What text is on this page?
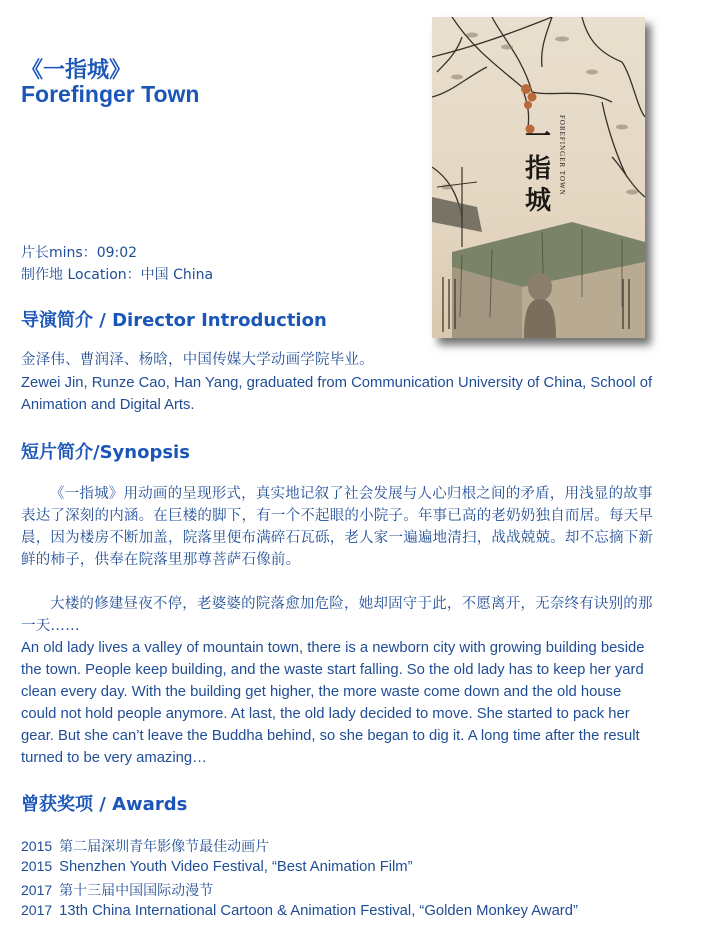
《一指城》
Forefinger Town
片长mins：09:02
制作地 Location：中国 China
一
指
城
FOREFINGER TOWN
导演简介 / Director Introduction
金泽伟、曹润泽、杨晗，中国传媒大学动画学院毕业。
Zewei Jin, Runze Cao, Han Yang, graduated from Communication University of China, School of Animation and Digital Arts.
短片简介/Synopsis
《一指城》用动画的呈现形式，真实地记叙了社会发展与人心归根之间的矛盾，用浅显的故事
表达了深刻的内涵。在巨楼的脚下，有一个不起眼的小院子。年事已高的老奶奶独自而居。每天早
晨，因为楼房不断加盖，院落里便布满碎石瓦砾，老人家一遍遍地清扫，战战兢兢。却不忘摘下新
鲜的柿子，供奉在院落里那尊菩萨石像前。
大楼的修建昼夜不停，老婆婆的院落愈加危险，她却固守于此，不愿离开，无奈终有诀别的那
一天……
An old lady lives a valley of mountain town, there is a newborn city with growing building beside
the town. People keep building, and the waste start falling. So the old lady has to keep her yard
clean every day. With the building get higher, the more waste come down and the old house
could not hold people anymore. At last, the old lady decided to move. She started to pack her
gear. But she can’t leave the Buddha behind, so she began to dig it. A long time after the result
turned to be very amazing…
曾获奖项 / Awards
2015 第二届深圳青年影像节最佳动画片
2015 Shenzhen Youth Video Festival, “Best Animation Film”
2017 第十三届中国国际动漫节
2017 13th China International Cartoon & Animation Festival, “Golden Monkey Award”
